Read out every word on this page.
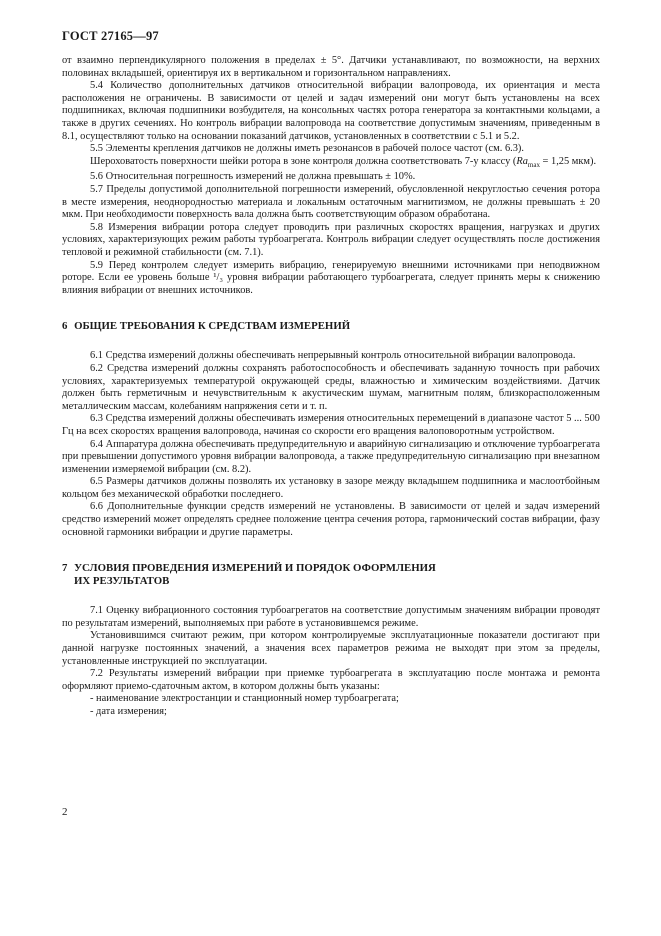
ГОСТ 27165—97

от взаимно перпендикулярного положения в пределах ± 5°. Датчики устанавливают, по возможности, на верхних половинах вкладышей, ориентируя их в вертикальном и горизонтальном направлениях.

5.4 Количество дополнительных датчиков относительной вибрации валопровода, их ориентация и места расположения не ограничены. В зависимости от целей и задач измерений они могут быть установлены на всех подшипниках, включая подшипники возбудителя, на консольных частях ротора генератора за контактными кольцами, а также в других сечениях. Но контроль вибрации валопровода на соответствие допустимым значениям, приведенным в 8.1, осуществляют только на основании показаний датчиков, установленных в соответствии с 5.1 и 5.2.

5.5 Элементы крепления датчиков не должны иметь резонансов в рабочей полосе частот (см. 6.3).

Шероховатость поверхности шейки ротора в зоне контроля должна соответствовать 7-у классу ($Ra_{max} = 1,25$ мкм).

5.6 Относительная погрешность измерений не должна превышать ± 10%.

5.7 Пределы допустимой дополнительной погрешности измерений, обусловленной некруглостью сечения ротора в месте измерения, неоднородностью материала и локальным остаточным магнитизмом, не должны превышать ± 20 мкм. При необходимости поверхность вала должна быть соответствующим образом обработана.

5.8 Измерения вибрации ротора следует проводить при различных скоростях вращения, нагрузках и других условиях, характеризующих режим работы турбоагрегата. Контроль вибрации следует осуществлять после достижения тепловой и режимной стабильности (см. 7.1).

5.9 Перед контролем следует измерить вибрацию, генерируемую внешними источниками при неподвижном роторе. Если ее уровень больше ¹/₃ уровня вибрации работающего турбоагрегата, следует принять меры к снижению влияния вибрации от внешних источников.

6 ОБЩИЕ ТРЕБОВАНИЯ К СРЕДСТВАМ ИЗМЕРЕНИЙ

6.1 Средства измерений должны обеспечивать непрерывный контроль относительной вибрации валопровода.

6.2 Средства измерений должны сохранять работоспособность и обеспечивать заданную точность при рабочих условиях, характеризуемых температурой окружающей среды, влажностью и химическим воздействиями. Датчик должен быть герметичным и нечувствительным к акустическим шумам, магнитным полям, близкорасположенным металлическим массам, колебаниям напряжения сети и т. п.

6.3 Средства измерений должны обеспечивать измерения относительных перемещений в диапазоне частот 5 ... 500 Гц на всех скоростях вращения валопровода, начиная со скорости его вращения валоповоротным устройством.

6.4 Аппаратура должна обеспечивать предупредительную и аварийную сигнализацию и отключение турбоагрегата при превышении допустимого уровня вибрации валопровода, а также предупредительную сигнализацию при внезапном изменении измеряемой вибрации (см. 8.2).

6.5 Размеры датчиков должны позволять их установку в зазоре между вкладышем подшипника и маслоотбойным кольцом без механической обработки последнего.

6.6 Дополнительные функции средств измерений не установлены. В зависимости от целей и задач измерений средство измерений может определять среднее положение центра сечения ротора, гармонический состав вибрации, фазу основной гармоники вибрации и другие параметры.

7 УСЛОВИЯ ПРОВЕДЕНИЯ ИЗМЕРЕНИЙ И ПОРЯДОК ОФОРМЛЕНИЯ
ИХ РЕЗУЛЬТАТОВ

7.1 Оценку вибрационного состояния турбоагрегатов на соответствие допустимым значениям вибрации проводят по результатам измерений, выполняемых при работе в установившемся режиме.

Установившимся считают режим, при котором контролируемые эксплуатационные показатели достигают при данной нагрузке постоянных значений, а значения всех параметров режима не выходят при этом за пределы, установленные инструкцией по эксплуатации.

7.2 Результаты измерений вибрации при приемке турбоагрегата в эксплуатацию после монтажа и ремонта оформляют приемо-сдаточным актом, в котором должны быть указаны:

- наименование электростанции и станционный номер турбоагрегата;

- дата измерения;

2
